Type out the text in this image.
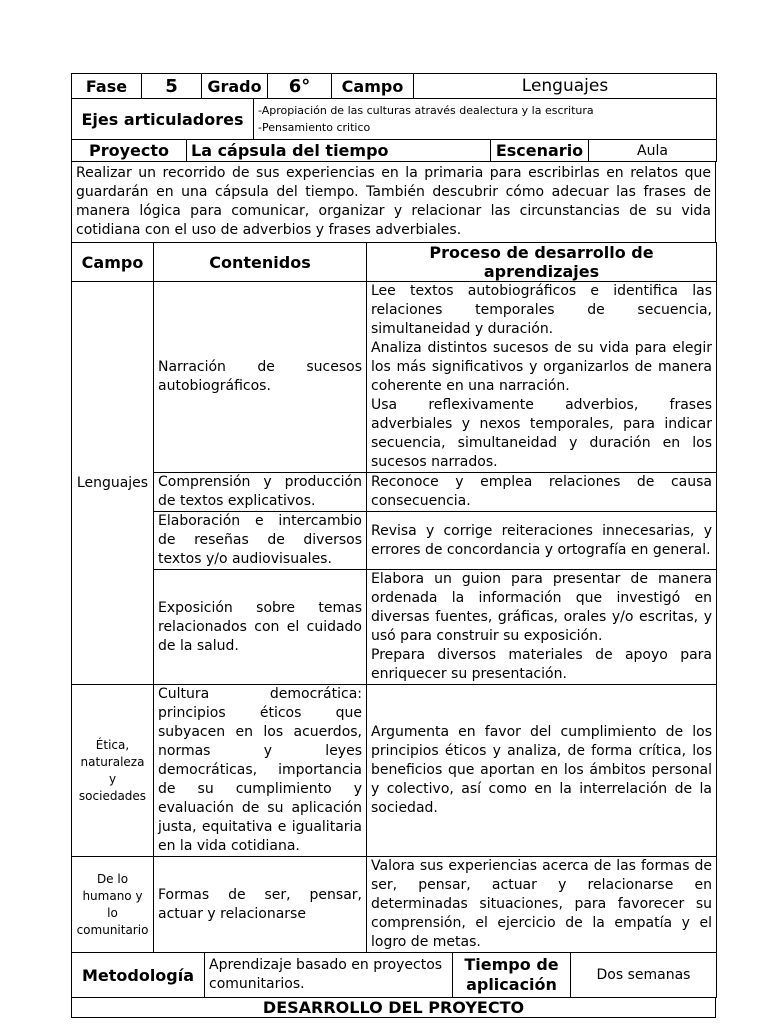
Fase	5	Grado	6°	Campo	Lenguajes
Ejes articuladores	-Apropiación de las culturas através dealectura y la escritura
-Pensamiento critico
Proyecto	La cápsula del tiempo	Escenario	Aula
Realizar un recorrido de sus experiencias en la primaria para escribirlas en relatos que guardarán en una cápsula del tiempo. También descubrir cómo adecuar las frases de manera lógica para comunicar, organizar y relacionar las circunstancias de su vida cotidiana con el uso de adverbios y frases adverbiales.
Campo	Contenidos	Proceso de desarrollo de aprendizajes
Lenguajes	Narración de sucesos autobiográficos.	Lee textos autobiográficos e identifica las relaciones temporales de secuencia, simultaneidad y duración.
Analiza distintos sucesos de su vida para elegir los más significativos y organizarlos de manera coherente en una narración.
Usa reflexivamente adverbios, frases adverbiales y nexos temporales, para indicar secuencia, simultaneidad y duración en los sucesos narrados.

	Comprensión y producción de textos explicativos.	Reconoce y emplea relaciones de causa consecuencia.

	Elaboración e intercambio de reseñas de diversos textos y/o audiovisuales.	Revisa y corrige reiteraciones innecesarias, y errores de concordancia y ortografía en general.

	Exposición sobre temas relacionados con el cuidado de la salud.	Elabora un guion para presentar de manera ordenada la información que investigó en diversas fuentes, gráficas, orales y/o escritas, y usó para construir su exposición.
Prepara diversos materiales de apoyo para enriquecer su presentación.

Ética, naturaleza y sociedades	Cultura democrática: principios éticos que subyacen en los acuerdos, normas y leyes democráticas, importancia de su cumplimiento y evaluación de su aplicación justa, equitativa e igualitaria en la vida cotidiana.	Argumenta en favor del cumplimiento de los principios éticos y analiza, de forma crítica, los beneficios que aportan en los ámbitos personal y colectivo, así como en la interrelación de la sociedad.

De lo humano y lo comunitario	Formas de ser, pensar, actuar y relacionarse	Valora sus experiencias acerca de las formas de ser, pensar, actuar y relacionarse en determinadas situaciones, para favorecer su comprensión, el ejercicio de la empatía y el logro de metas.
Metodología	Aprendizaje basado en proyectos comunitarios.	Tiempo de aplicación	Dos semanas
DESARROLLO DEL PROYECTO
